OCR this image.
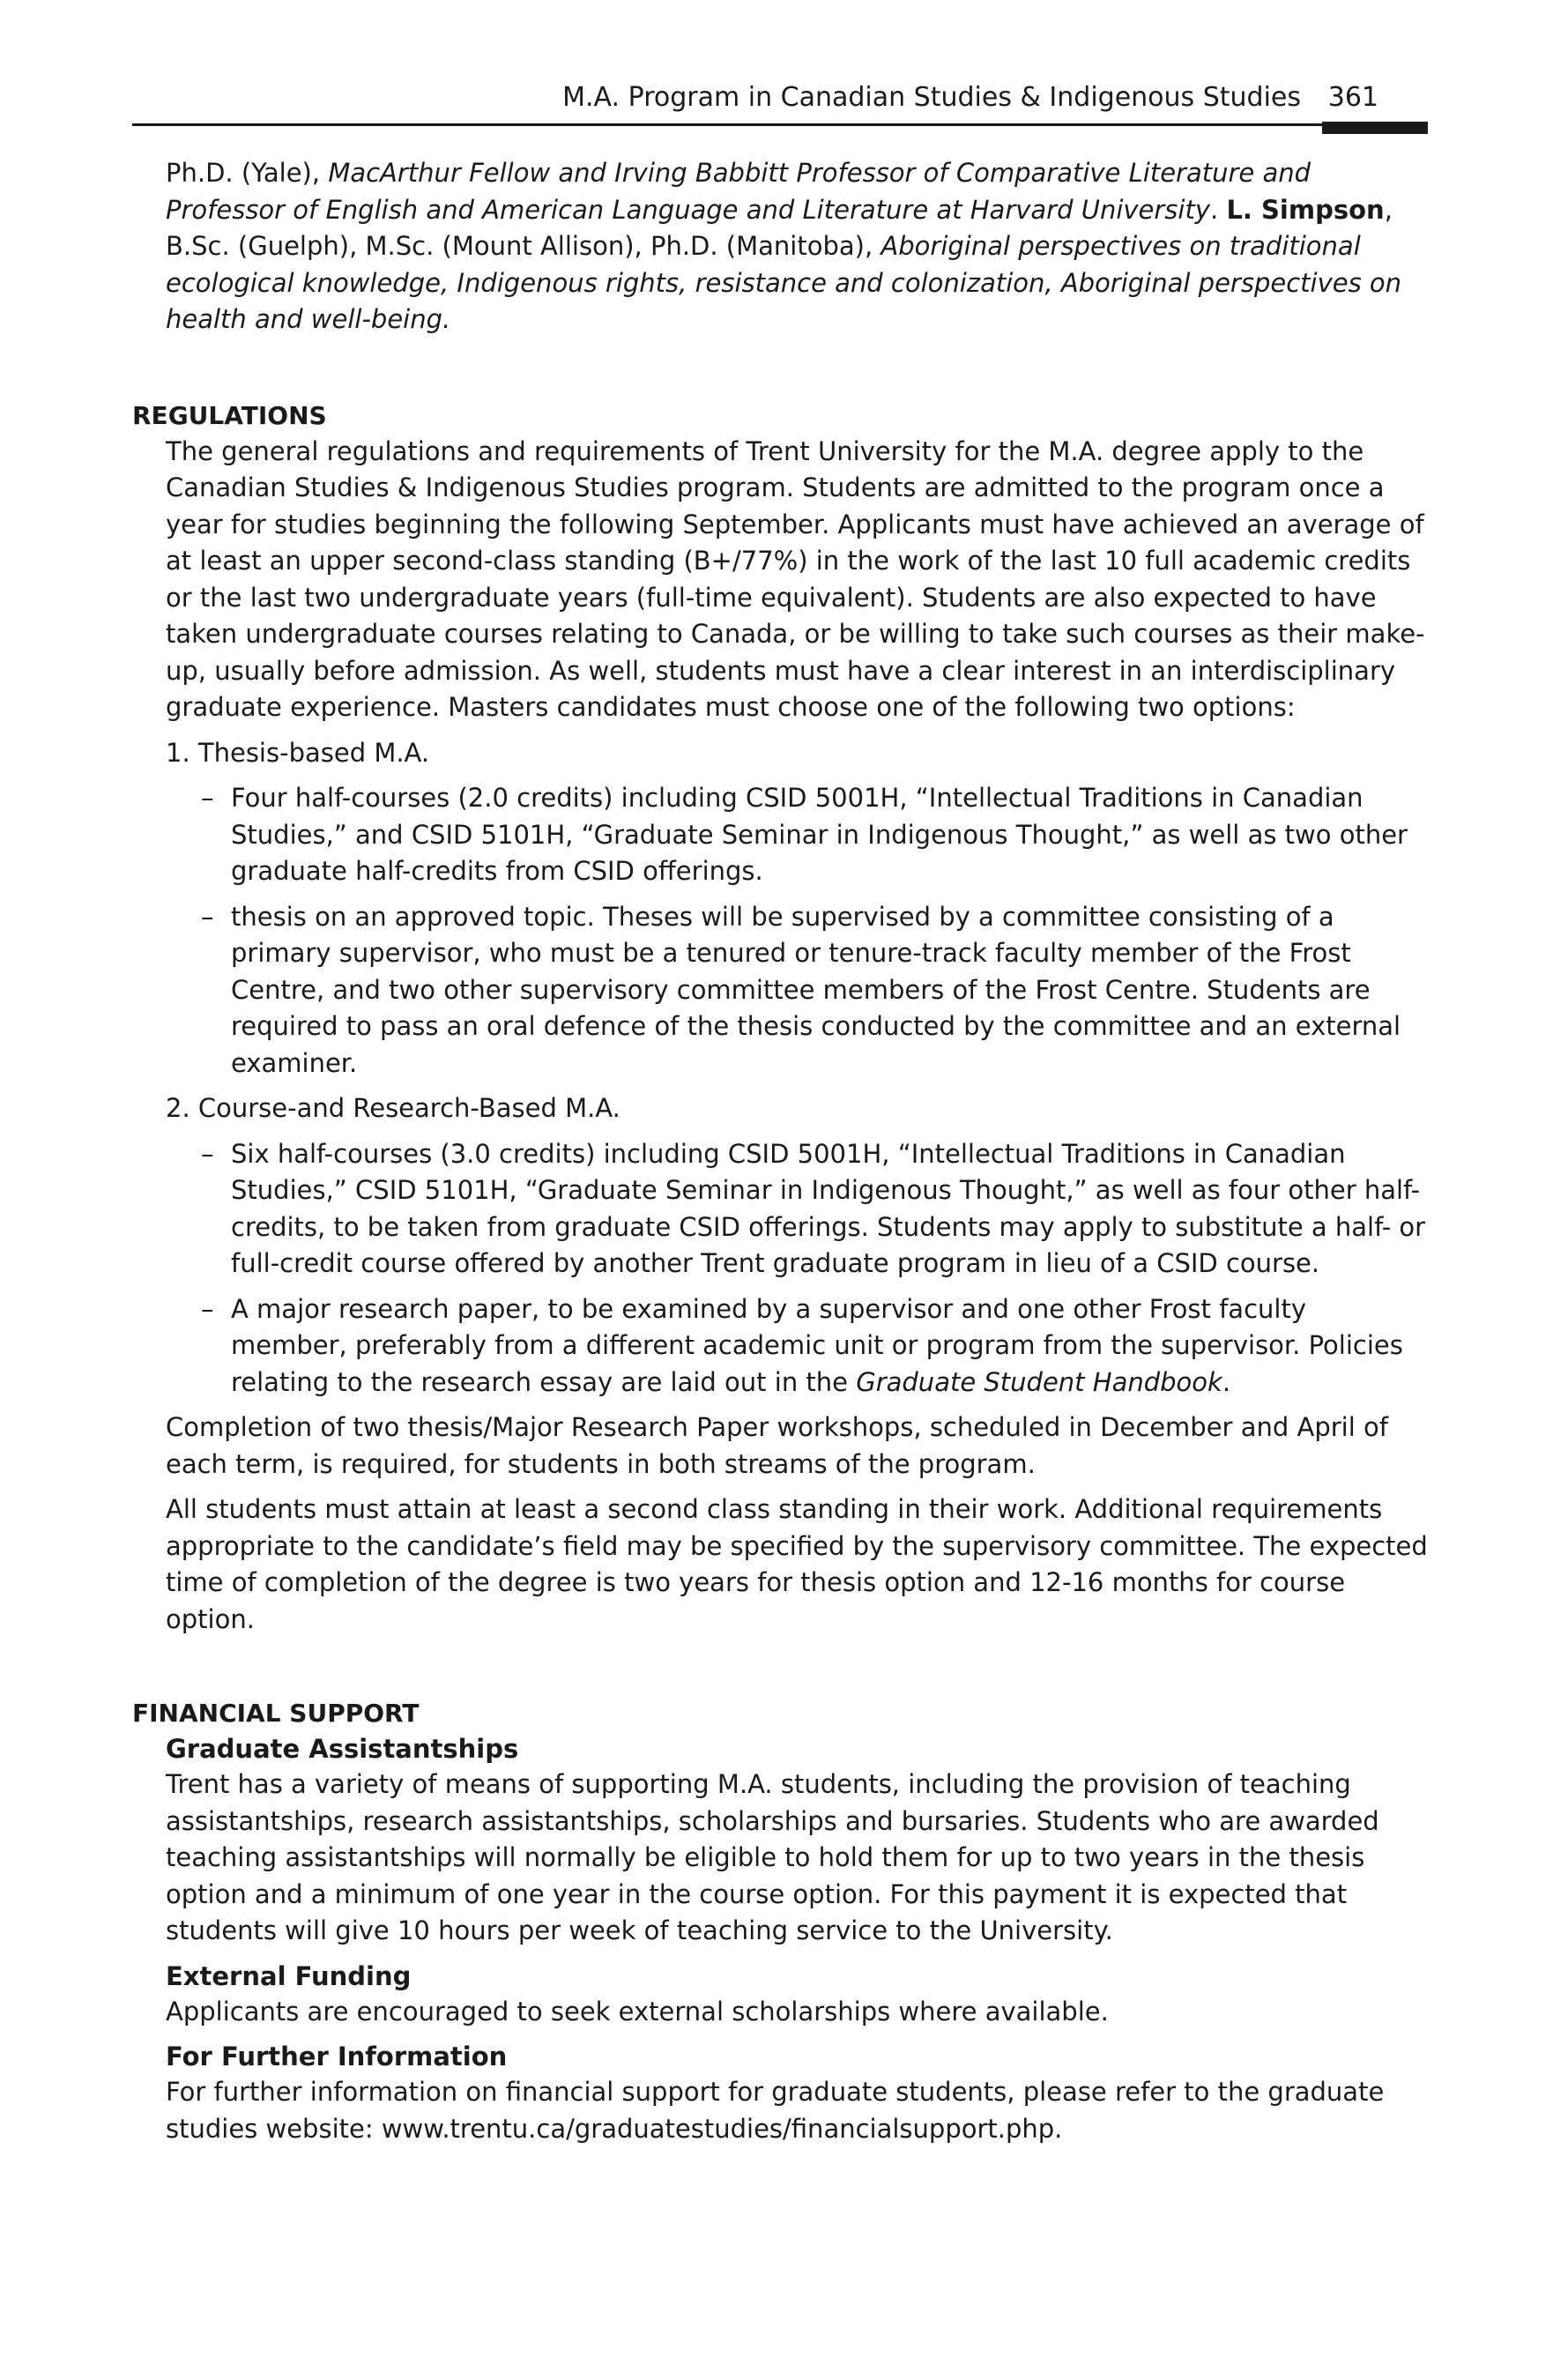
M.A. Program in Canadian Studies & Indigenous Studies 361

Ph.D. (Yale), MacArthur Fellow and Irving Babbitt Professor of Comparative Literature and Professor of English and American Language and Literature at Harvard University. L. Simpson, B.Sc. (Guelph), M.Sc. (Mount Allison), Ph.D. (Manitoba), Aboriginal perspectives on traditional ecological knowledge, Indigenous rights, resistance and colonization, Aboriginal perspectives on health and well-being.

REGULATIONS

The general regulations and requirements of Trent University for the M.A. degree apply to the Canadian Studies & Indigenous Studies program. Students are admitted to the program once a year for studies beginning the following September. Applicants must have achieved an average of at least an upper second-class standing (B+/77%) in the work of the last 10 full academic credits or the last two undergraduate years (full-time equivalent). Students are also expected to have taken undergraduate courses relating to Canada, or be willing to take such courses as their make-up, usually before admission. As well, students must have a clear interest in an interdisciplinary graduate experience. Masters candidates must choose one of the following two options:

1. Thesis-based M.A.

– Four half-courses (2.0 credits) including CSID 5001H, “Intellectual Traditions in Canadian Studies,” and CSID 5101H, “Graduate Seminar in Indigenous Thought,” as well as two other graduate half-credits from CSID offerings.
– thesis on an approved topic. Theses will be supervised by a committee consisting of a primary supervisor, who must be a tenured or tenure-track faculty member of the Frost Centre, and two other supervisory committee members of the Frost Centre. Students are required to pass an oral defence of the thesis conducted by the committee and an external examiner.

2. Course-and Research-Based M.A.

– Six half-courses (3.0 credits) including CSID 5001H, “Intellectual Traditions in Canadian Studies,” CSID 5101H, “Graduate Seminar in Indigenous Thought,” as well as four other half-credits, to be taken from graduate CSID offerings. Students may apply to substitute a half- or full-credit course offered by another Trent graduate program in lieu of a CSID course.
– A major research paper, to be examined by a supervisor and one other Frost faculty member, preferably from a different academic unit or program from the supervisor. Policies relating to the research essay are laid out in the Graduate Student Handbook.

Completion of two thesis/Major Research Paper workshops, scheduled in December and April of each term, is required, for students in both streams of the program.

All students must attain at least a second class standing in their work. Additional requirements appropriate to the candidate’s field may be specified by the supervisory committee. The expected time of completion of the degree is two years for thesis option and 12-16 months for course option.

FINANCIAL SUPPORT
Graduate Assistantships

Trent has a variety of means of supporting M.A. students, including the provision of teaching assistantships, research assistantships, scholarships and bursaries. Students who are awarded teaching assistantships will normally be eligible to hold them for up to two years in the thesis option and a minimum of one year in the course option. For this payment it is expected that students will give 10 hours per week of teaching service to the University.

External Funding

Applicants are encouraged to seek external scholarships where available.

For Further Information

For further information on financial support for graduate students, please refer to the graduate studies website: www.trentu.ca/graduatestudies/financialsupport.php.
